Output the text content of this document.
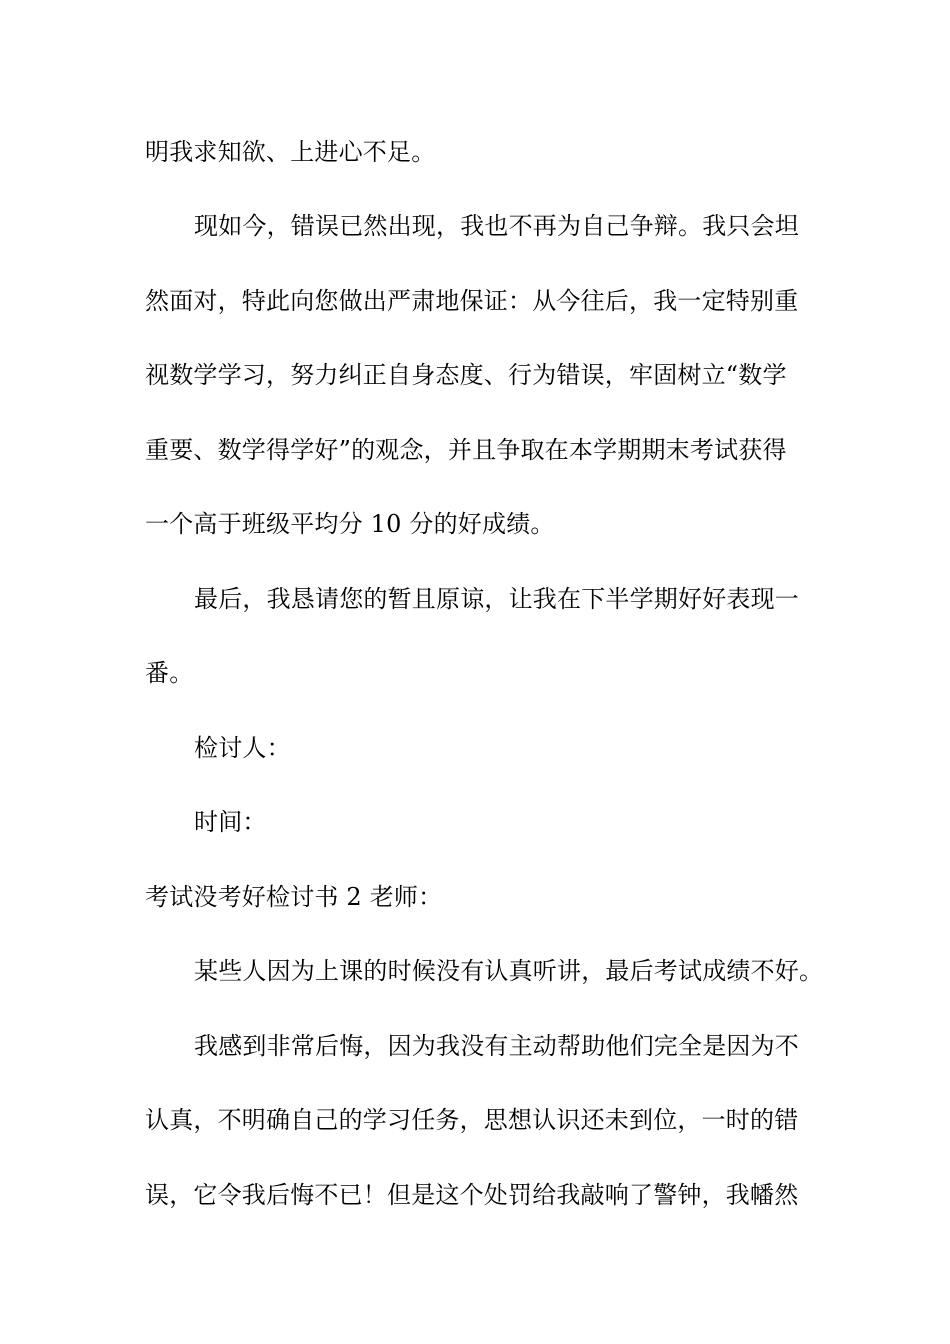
明我求知欲、上进心不足。
现如今，错误已然出现，我也不再为自己争辩。我只会坦
然面对，特此向您做出严肃地保证：从今往后，我一定特别重
视数学学习，努力纠正自身态度、行为错误，牢固树立“数学
重要、数学得学好”的观念，并且争取在本学期期末考试获得
一个高于班级平均分 10 分的好成绩。
最后，我恳请您的暂且原谅，让我在下半学期好好表现一
番。
检讨人：
时间：
考试没考好检讨书 2 老师：
某些人因为上课的时候没有认真听讲，最后考试成绩不好。
我感到非常后悔，因为我没有主动帮助他们完全是因为不
认真，不明确自己的学习任务，思想认识还未到位，一时的错
误，它令我后悔不已！但是这个处罚给我敲响了警钟，我幡然
